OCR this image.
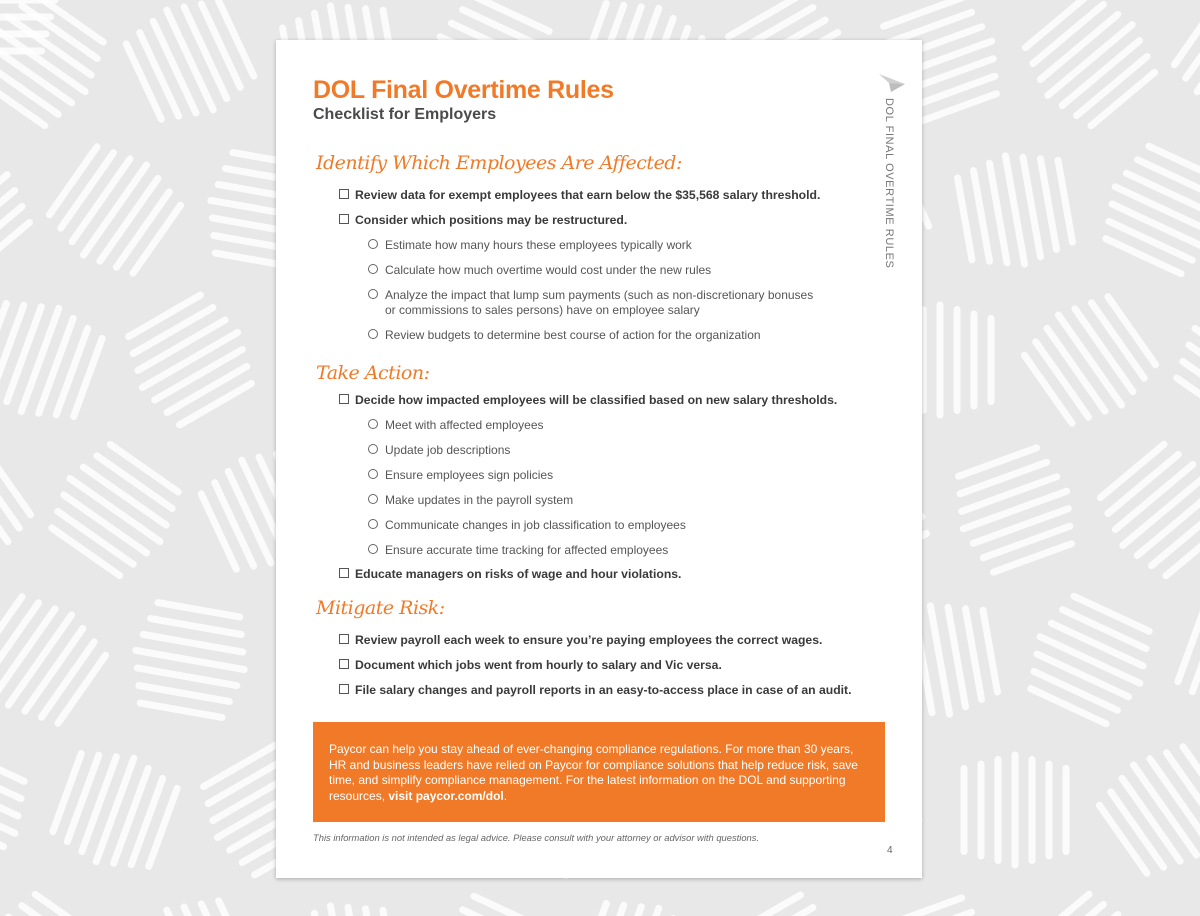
DOL Final Overtime Rules
Checklist for Employers	DOL FINAL OVERTIME RULES
Identify Which Employees Are Affected:
Review data for exempt employees that earn below the $35,568 salary threshold.
Consider which positions may be restructured.
Estimate how many hours these employees typically work
Calculate how much overtime would cost under the new rules
Analyze the impact that lump sum payments (such as non-discretionary bonuses or commissions to sales persons) have on employee salary
Review budgets to determine best course of action for the organization
Take Action:
Decide how impacted employees will be classified based on new salary thresholds.
Meet with affected employees
Update job descriptions
Ensure employees sign policies
Make updates in the payroll system
Communicate changes in job classification to employees
Ensure accurate time tracking for affected employees
Educate managers on risks of wage and hour violations.
Mitigate Risk:
Review payroll each week to ensure you’re paying employees the correct wages.
Document which jobs went from hourly to salary and Vic versa.
File salary changes and payroll reports in an easy-to-access place in case of an audit.

Paycor can help you stay ahead of ever-changing compliance regulations. For more than 30 years, HR and business leaders have relied on Paycor for compliance solutions that help reduce risk, save time, and simplify compliance management. For the latest information on the DOL and supporting resources, visit paycor.com/dol.

This information is not intended as legal advice. Please consult with your attorney or advisor with questions.

4
